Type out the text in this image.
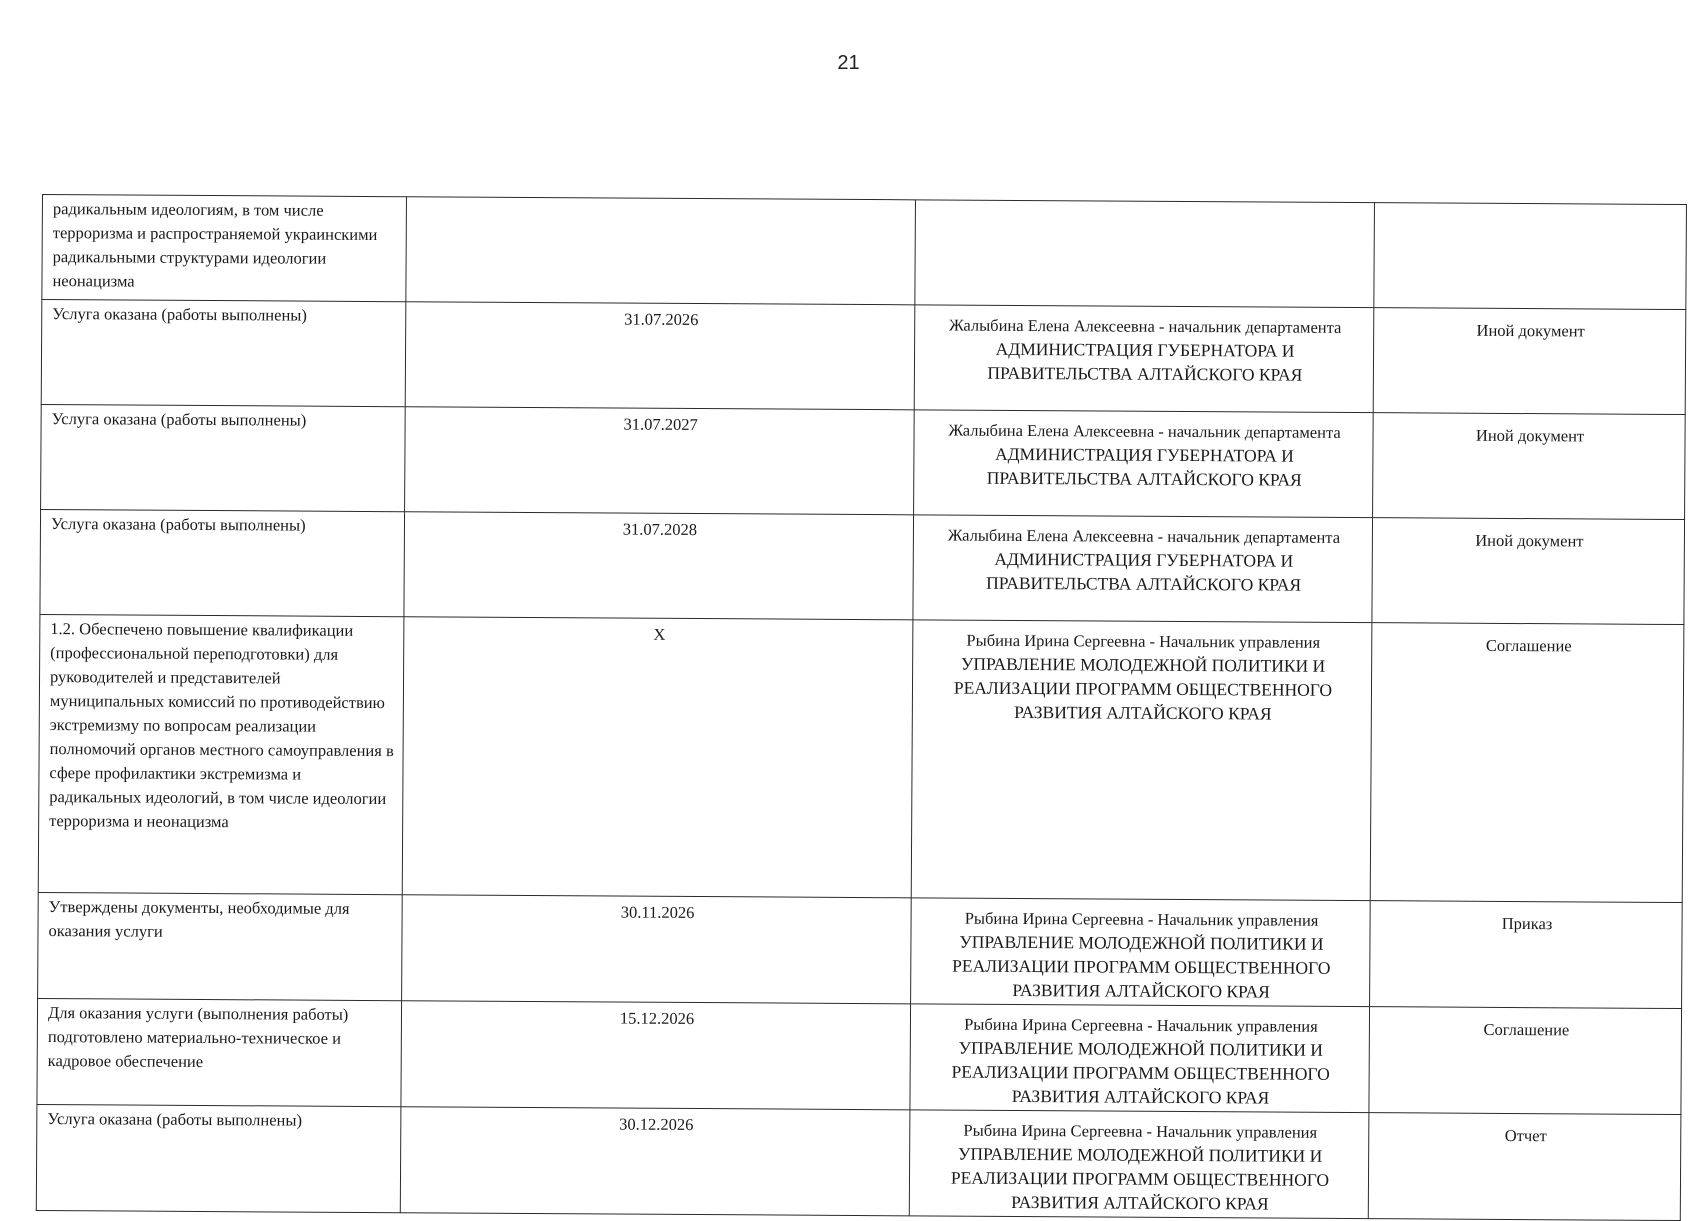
21
радикальным идеологиям, в том числе терроризма и распространяемой украинскими радикальными структурами идеологии неонацизма		

Услуга оказана (работы выполнены)	31.07.2026	Жалыбина Елена Алексеевна - начальник департамента
АДМИНИСТРАЦИЯ ГУБЕРНАТОРА И ПРАВИТЕЛЬСТВА АЛТАЙСКОГО КРАЯ	Иной документ
Услуга оказана (работы выполнены)	31.07.2027	Жалыбина Елена Алексеевна - начальник департамента
АДМИНИСТРАЦИЯ ГУБЕРНАТОРА И ПРАВИТЕЛЬСТВА АЛТАЙСКОГО КРАЯ	Иной документ
Услуга оказана (работы выполнены)	31.07.2028	Жалыбина Елена Алексеевна - начальник департамента
АДМИНИСТРАЦИЯ ГУБЕРНАТОРА И ПРАВИТЕЛЬСТВА АЛТАЙСКОГО КРАЯ	Иной документ
1.2. Обеспечено повышение квалификации (профессиональной переподготовки) для руководителей и представителей муниципальных комиссий по противодействию экстремизму по вопросам реализации полномочий органов местного самоуправления в сфере профилактики экстремизма и радикальных идеологий, в том числе идеологии терроризма и неонацизма	X	Рыбина Ирина Сергеевна - Начальник управления
УПРАВЛЕНИЕ МОЛОДЕЖНОЙ ПОЛИТИКИ И РЕАЛИЗАЦИИ ПРОГРАММ ОБЩЕСТВЕННОГО РАЗВИТИЯ АЛТАЙСКОГО КРАЯ	Соглашение
Утверждены документы, необходимые для оказания услуги	30.11.2026	Рыбина Ирина Сергеевна - Начальник управления
УПРАВЛЕНИЕ МОЛОДЕЖНОЙ ПОЛИТИКИ И РЕАЛИЗАЦИИ ПРОГРАММ ОБЩЕСТВЕННОГО РАЗВИТИЯ АЛТАЙСКОГО КРАЯ	Приказ
Для оказания услуги (выполнения работы) подготовлено материально-техническое и кадровое обеспечение	15.12.2026	Рыбина Ирина Сергеевна - Начальник управления
УПРАВЛЕНИЕ МОЛОДЕЖНОЙ ПОЛИТИКИ И РЕАЛИЗАЦИИ ПРОГРАММ ОБЩЕСТВЕННОГО РАЗВИТИЯ АЛТАЙСКОГО КРАЯ	Соглашение
Услуга оказана (работы выполнены)	30.12.2026	Рыбина Ирина Сергеевна - Начальник управления
УПРАВЛЕНИЕ МОЛОДЕЖНОЙ ПОЛИТИКИ И РЕАЛИЗАЦИИ ПРОГРАММ ОБЩЕСТВЕННОГО РАЗВИТИЯ АЛТАЙСКОГО КРАЯ	Отчет
